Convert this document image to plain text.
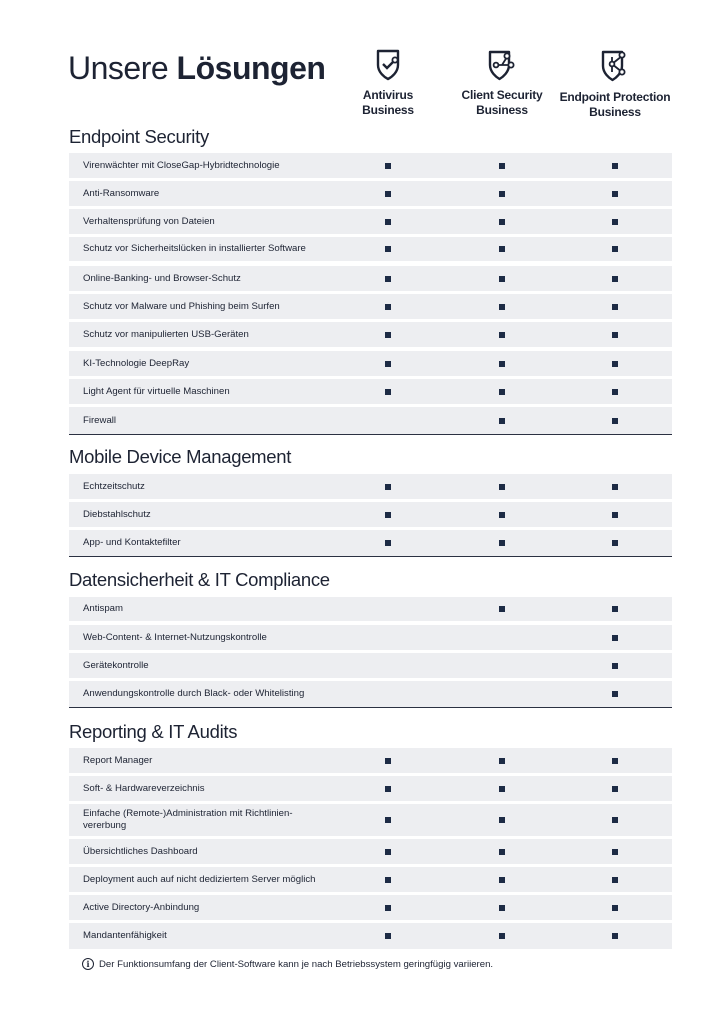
Unsere Lösungen
Antivirus
Business
Client Security
Business
Endpoint Protection
Business
Endpoint Security
Virenwächter mit CloseGap-Hybridtechnologie
Anti-Ransomware
Verhaltensprüfung von Dateien
Schutz vor Sicherheitslücken in installierter Software
Online-Banking- und Browser-Schutz
Schutz vor Malware und Phishing beim Surfen
Schutz vor manipulierten USB-Geräten
KI-Technologie DeepRay
Light Agent für virtuelle Maschinen
Firewall
Mobile Device Management
Echtzeitschutz
Diebstahlschutz
App- und Kontaktefilter
Datensicherheit & IT Compliance
Antispam
Web-Content- & Internet-Nutzungskontrolle
Gerätekontrolle
Anwendungskontrolle durch Black- oder Whitelisting
Reporting & IT Audits
Report Manager
Soft- & Hardwareverzeichnis
Einfache (Remote-)Administration mit Richtlinien-vererbung
Übersichtliches Dashboard
Deployment auch auf nicht dediziertem Server möglich
Active Directory-Anbindung
Mandantenfähigkeit
i Der Funktionsumfang der Client-Software kann je nach Betriebssystem geringfügig variieren.
